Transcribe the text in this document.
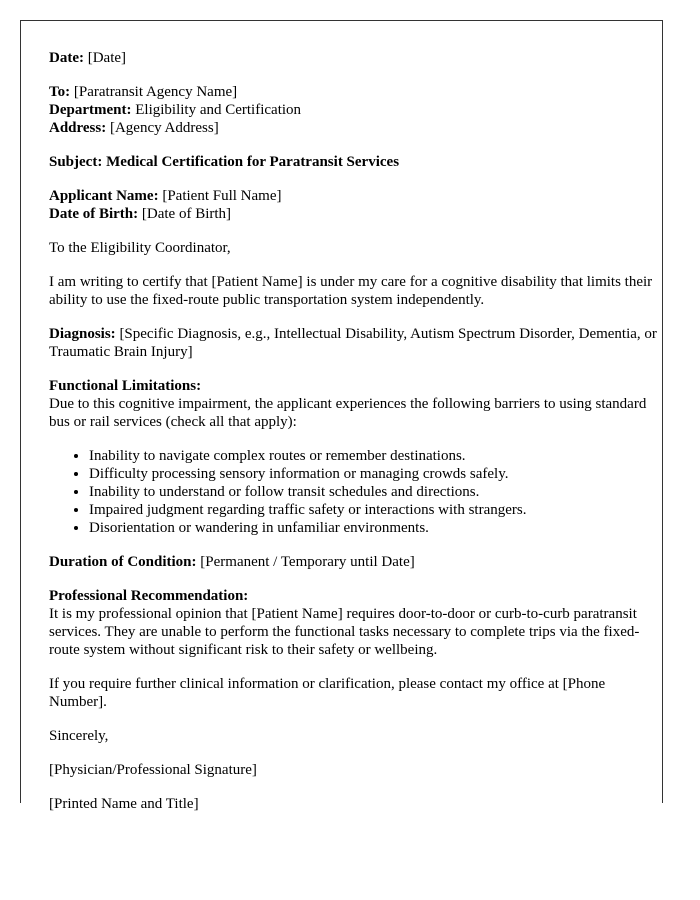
Date: [Date]

To: [Paratransit Agency Name]
Department: Eligibility and Certification
Address: [Agency Address]

Subject: Medical Certification for Paratransit Services

Applicant Name: [Patient Full Name]
Date of Birth: [Date of Birth]

To the Eligibility Coordinator,

I am writing to certify that [Patient Name] is under my care for a cognitive disability that limits their ability to use the fixed-route public transportation system independently.

Diagnosis: [Specific Diagnosis, e.g., Intellectual Disability, Autism Spectrum Disorder, Dementia, or Traumatic Brain Injury]

Functional Limitations:
Due to this cognitive impairment, the applicant experiences the following barriers to using standard bus or rail services (check all that apply):

• Inability to navigate complex routes or remember destinations.
• Difficulty processing sensory information or managing crowds safely.
• Inability to understand or follow transit schedules and directions.
• Impaired judgment regarding traffic safety or interactions with strangers.
• Disorientation or wandering in unfamiliar environments.

Duration of Condition: [Permanent / Temporary until Date]

Professional Recommendation:
It is my professional opinion that [Patient Name] requires door-to-door or curb-to-curb paratransit services. They are unable to perform the functional tasks necessary to complete trips via the fixed-route system without significant risk to their safety or wellbeing.

If you require further clinical information or clarification, please contact my office at [Phone Number].

Sincerely,

[Physician/Professional Signature]

[Printed Name and Title]
